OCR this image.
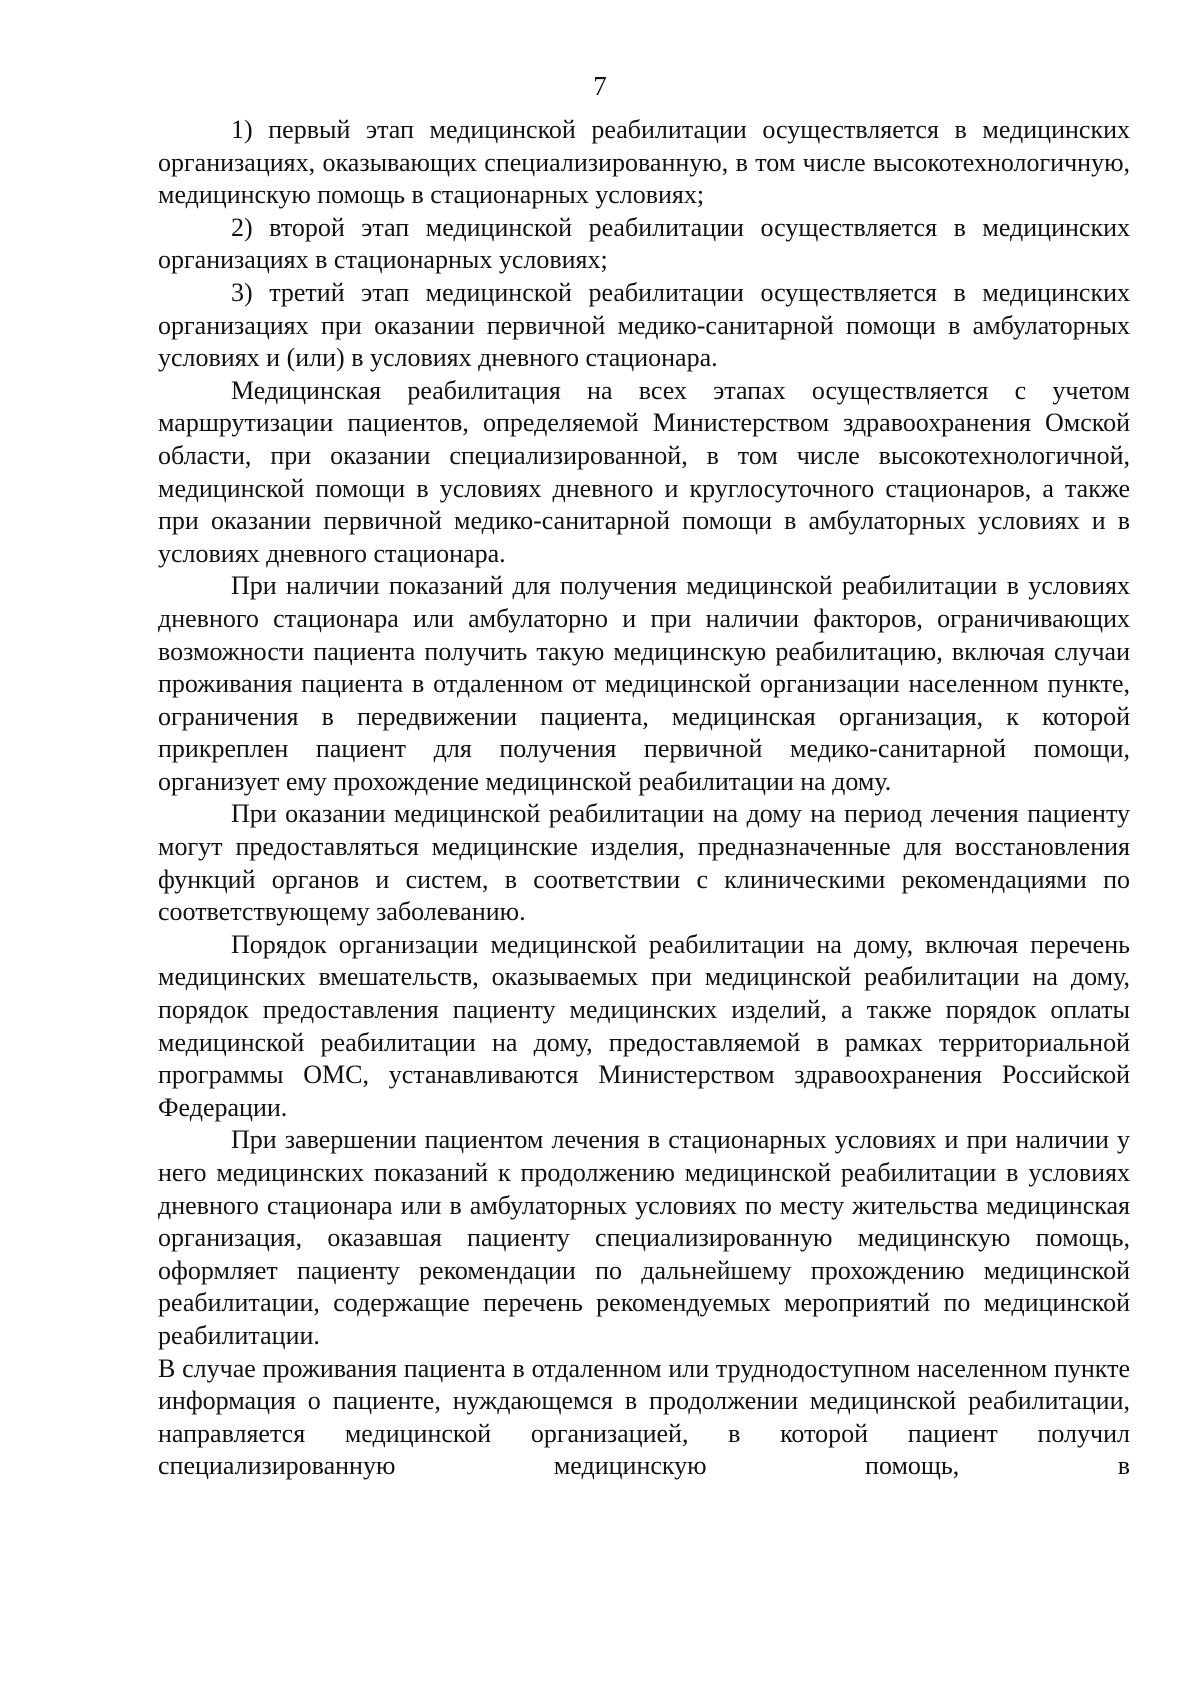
7

1) первый этап медицинской реабилитации осуществляется в медицинских организациях, оказывающих специализированную, в том числе высокотехнологичную, медицинскую помощь в стационарных условиях;

2) второй этап медицинской реабилитации осуществляется в медицинских организациях в стационарных условиях;

3) третий этап медицинской реабилитации осуществляется в медицинских организациях при оказании первичной медико-санитарной помощи в амбулаторных условиях и (или) в условиях дневного стационара.

Медицинская реабилитация на всех этапах осуществляется с учетом маршрутизации пациентов, определяемой Министерством здравоохранения Омской области, при оказании специализированной, в том числе высокотехнологичной, медицинской помощи в условиях дневного и круглосуточного стационаров, а также при оказании первичной медико-санитарной помощи в амбулаторных условиях и в условиях дневного стационара.

При наличии показаний для получения медицинской реабилитации в условиях дневного стационара или амбулаторно и при наличии факторов, ограничивающих возможности пациента получить такую медицинскую реабилитацию, включая случаи проживания пациента в отдаленном от медицинской организации населенном пункте, ограничения в передвижении пациента, медицинская организация, к которой прикреплен пациент для получения первичной медико-санитарной помощи, организует ему прохождение медицинской реабилитации на дому.

При оказании медицинской реабилитации на дому на период лечения пациенту могут предоставляться медицинские изделия, предназначенные для восстановления функций органов и систем, в соответствии с клиническими рекомендациями по соответствующему заболеванию.

Порядок организации медицинской реабилитации на дому, включая перечень медицинских вмешательств, оказываемых при медицинской реабилитации на дому, порядок предоставления пациенту медицинских изделий, а также порядок оплаты медицинской реабилитации на дому, предоставляемой в рамках территориальной программы ОМС, устанавливаются Министерством здравоохранения Российской Федерации.

При завершении пациентом лечения в стационарных условиях и при наличии у него медицинских показаний к продолжению медицинской реабилитации в условиях дневного стационара или в амбулаторных условиях по месту жительства медицинская организация, оказавшая пациенту специализированную медицинскую помощь, оформляет пациенту рекомендации по дальнейшему прохождению медицинской реабилитации, содержащие перечень рекомендуемых мероприятий по медицинской реабилитации.

В случае проживания пациента в отдаленном или труднодоступном населенном пункте информация о пациенте, нуждающемся в продолжении медицинской реабилитации, направляется медицинской организацией, в которой пациент получил специализированную медицинскую помощь, в
